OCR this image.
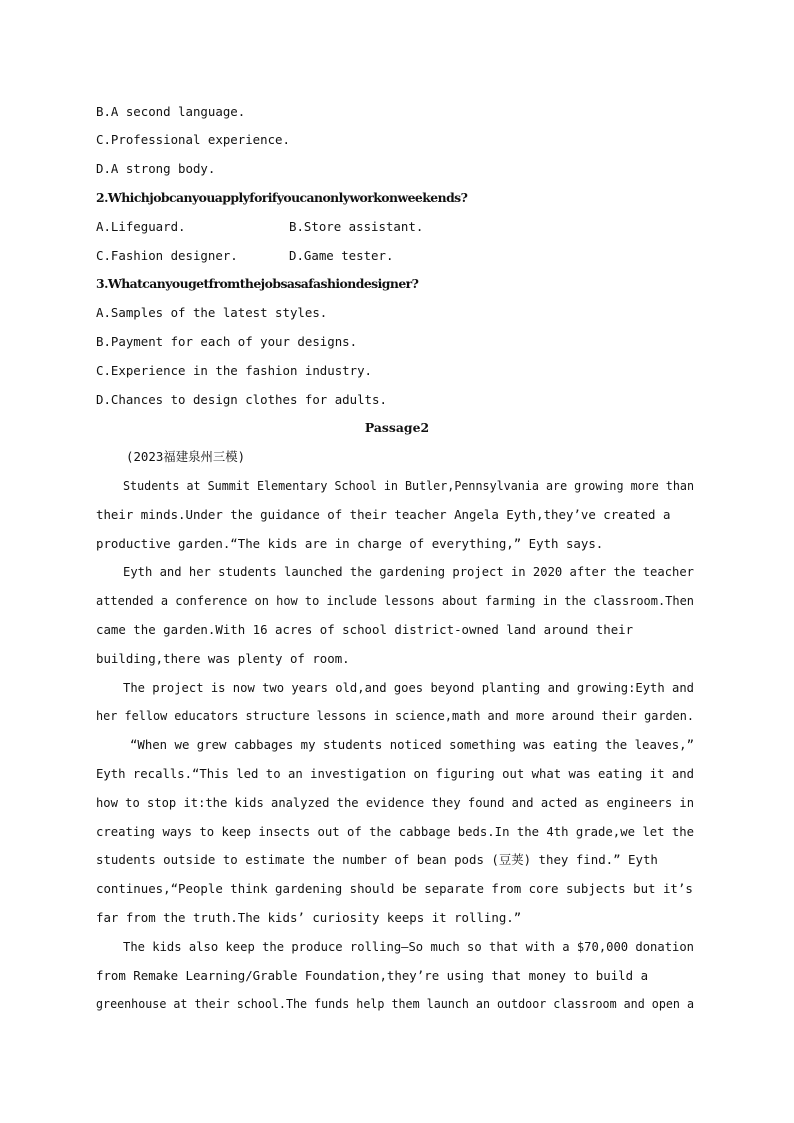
B.A second language.
C.Professional experience.
D.A strong body.
2.Whichjobcanyouapplyforifyoucanonlyworkonweekends?
A.Lifeguard.	B.Store assistant.
C.Fashion designer.	D.Game tester.
3.Whatcanyougetfromthejobsasafashiondesigner?
A.Samples of the latest styles.
B.Payment for each of your designs.
C.Experience in the fashion industry.
D.Chances to design clothes for adults.
Passage2
(2023福建泉州三模)
Students at Summit Elementary School in Butler,Pennsylvania are growing more than
their minds.Under the guidance of their teacher Angela Eyth,they’ve created a
productive garden.“The kids are in charge of everything,” Eyth says.
Eyth and her students launched the gardening project in 2020 after the teacher
attended a conference on how to include lessons about farming in the classroom.Then
came the garden.With 16 acres of school district-owned land around their
building,there was plenty of room.
The project is now two years old,and goes beyond planting and growing:Eyth and
her fellow educators structure lessons in science,math and more around their garden.
“When we grew cabbages my students noticed something was eating the leaves,”
Eyth recalls.“This led to an investigation on figuring out what was eating it and
how to stop it:the kids analyzed the evidence they found and acted as engineers in
creating ways to keep insects out of the cabbage beds.In the 4th grade,we let the
students outside to estimate the number of bean pods (豆荚) they find.” Eyth
continues,“People think gardening should be separate from core subjects but it’s
far from the truth.The kids’ curiosity keeps it rolling.”
The kids also keep the produce rolling—So much so that with a $70,000 donation
from Remake Learning/Grable Foundation,they’re using that money to build a
greenhouse at their school.The funds help them launch an outdoor classroom and open a
